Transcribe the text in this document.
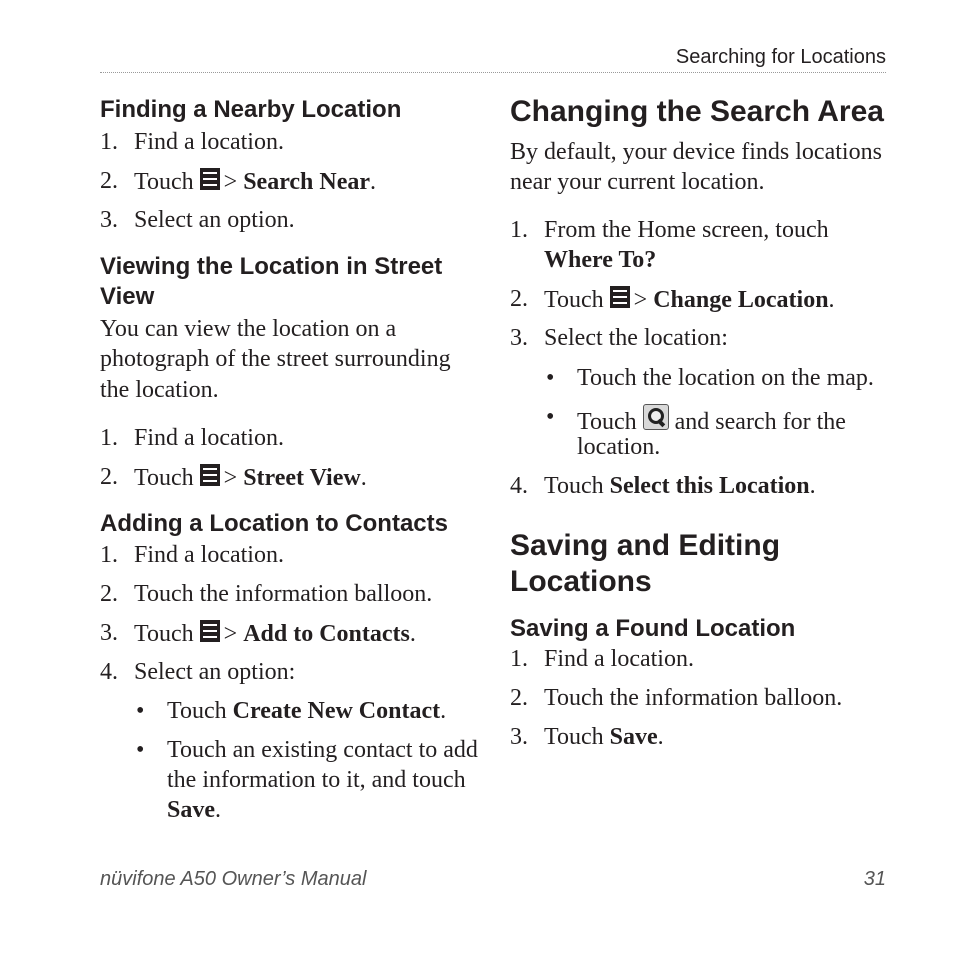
Searching for Locations
Finding a Nearby Location
1. Find a location.
2. Touch > Search Near.
3. Select an option.
Viewing the Location in Street
View
You can view the location on a
photograph of the street surrounding
the location.
1. Find a location.
2. Touch > Street View.
Adding a Location to Contacts
1. Find a location.
2. Touch the information balloon.
3. Touch > Add to Contacts.
4. Select an option:
• Touch Create New Contact.
• Touch an existing contact to add
the information to it, and touch
Save.
Changing the Search Area
By default, your device finds locations
near your current location.
1. From the Home screen, touch
Where To?
2. Touch > Change Location.
3. Select the location:
• Touch the location on the map.
• Touch and search for the
location.
4. Touch Select this Location.
Saving and Editing
Locations
Saving a Found Location
1. Find a location.
2. Touch the information balloon.
3. Touch Save.
nüvifone A50 Owner’s Manual	31
